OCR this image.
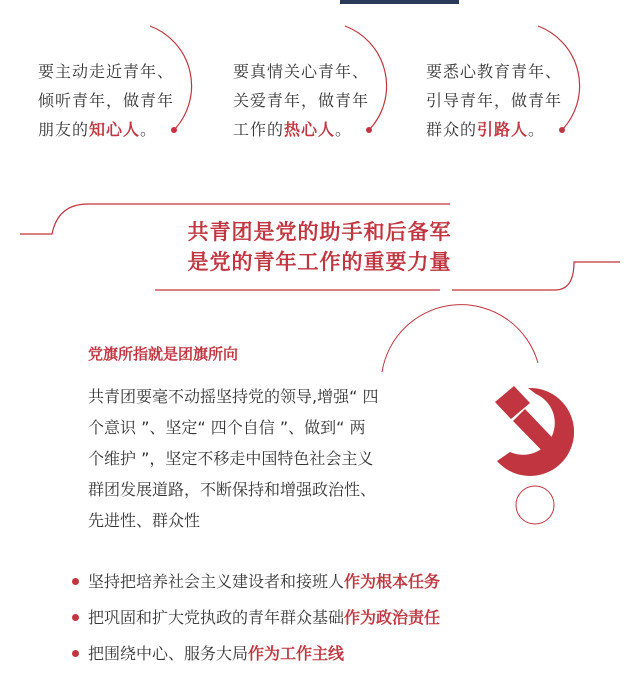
要主动走近青年、
倾听青年，做青年
朋友的知心人。
要真情关心青年、
关爱青年，做青年
工作的热心人。
要悉心教育青年、
引导青年，做青年
群众的引路人。
共青团是党的助手和后备军
是党的青年工作的重要力量
党旗所指就是团旗所向
共青团要毫不动摇坚持党的领导,增强“ 四
个意识 ”、坚定“ 四个自信 ”、做到“ 两
个维护 ”，坚定不移走中国特色社会主义
群团发展道路，不断保持和增强政治性、
先进性、群众性
坚持把培养社会主义建设者和接班人作为根本任务
把巩固和扩大党执政的青年群众基础作为政治责任
把围绕中心、服务大局作为工作主线
